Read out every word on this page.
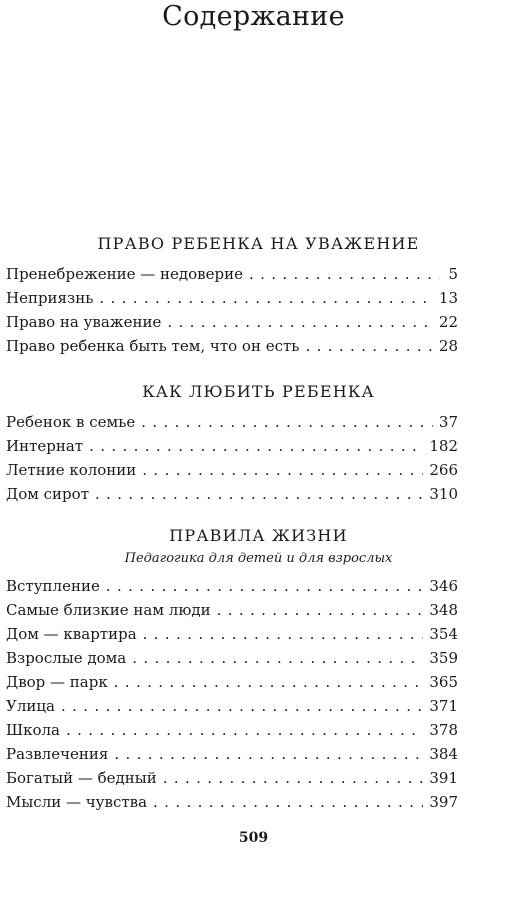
Содержание
ПРАВО РЕБЕНКА НА УВАЖЕНИЕ
Пренебрежение — недоверие . . .	5
Неприязнь . . .	13
Право на уважение . . .	22
Право ребенка быть тем, что он есть . . .	28
КАК ЛЮБИТЬ РЕБЕНКА
Ребенок в семье . . .	37
Интернат . . .	182
Летние колонии . . .	266
Дом сирот . . .	310
ПРАВИЛА ЖИЗНИ
Педагогика для детей и для взрослых
Вступление . . .	346
Самые близкие нам люди . . .	348
Дом — квартира . . .	354
Взрослые дома . . .	359
Двор — парк . . .	365
Улица . . .	371
Школа . . .	378
Развлечения . . .	384
Богатый — бедный . . .	391
Мысли — чувства . . .	397
509
